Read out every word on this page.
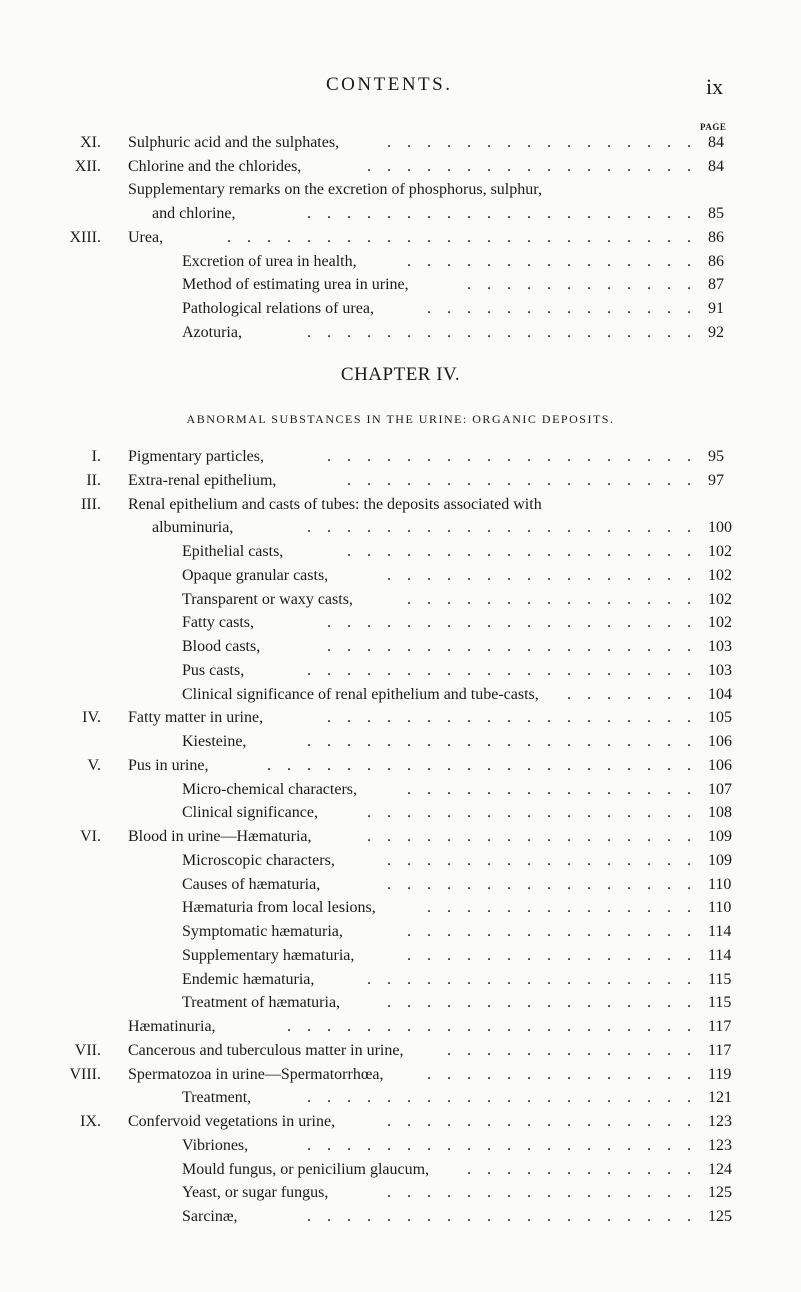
CONTENTS.	ix
PAGE
XI. Sulphuric acid and the sulphates,	.    .    .    .    .    .    .    .    .    .    .    .    .    .    .    . 84
XII. Chlorine and the chlorides,	.    .    .    .    .    .    .    .    .    .    .    .    .    .    .    .    . 84
Supplementary remarks on the excretion of phosphorus, sulphur,
and chlorine,	.    .    .    .    .    .    .    .    .    .    .    .    .    .    .    .    .    .    .    . 85
XIII. Urea,	.    .    .    .    .    .    .    .    .    .    .    .    .    .    .    .    .    .    .    .    .    .    .    . 86
Excretion of urea in health,	.    .    .    .    .    .    .    .    .    .    .    .    .    .    . 86
Method of estimating urea in urine,	.    .    .    .    .    .    .    .    .    .    .    . 87
Pathological relations of urea,	.    .    .    .    .    .    .    .    .    .    .    .    .    . 91
Azoturia,	.    .    .    .    .    .    .    .    .    .    .    .    .    .    .    .    .    .    .    . 92
CHAPTER IV.
ABNORMAL SUBSTANCES IN THE URINE: ORGANIC DEPOSITS.
I. Pigmentary particles,	.    .    .    .    .    .    .    .    .    .    .    .    .    .    .    .    .    .    . 95
II. Extra-renal epithelium,	.    .    .    .    .    .    .    .    .    .    .    .    .    .    .    .    .    . 97
III. Renal epithelium and casts of tubes: the deposits associated with
albuminuria,	.    .    .    .    .    .    .    .    .    .    .    .    .    .    .    .    .    .    .    . 100
Epithelial casts,	.    .    .    .    .    .    .    .    .    .    .    .    .    .    .    .    .    . 102
Opaque granular casts,	.    .    .    .    .    .    .    .    .    .    .    .    .    .    .    . 102
Transparent or waxy casts,	.    .    .    .    .    .    .    .    .    .    .    .    .    .    . 102
Fatty casts,	.    .    .    .    .    .    .    .    .    .    .    .    .    .    .    .    .    .    . 102
Blood casts,	.    .    .    .    .    .    .    .    .    .    .    .    .    .    .    .    .    .    . 103
Pus casts,	.    .    .    .    .    .    .    .    .    .    .    .    .    .    .    .    .    .    .    . 103
Clinical significance of renal epithelium and tube-casts,	.    .    .    .    .    .    . 104
IV. Fatty matter in urine,	.    .    .    .    .    .    .    .    .    .    .    .    .    .    .    .    .    .    . 105
Kiesteine,	.    .    .    .    .    .    .    .    .    .    .    .    .    .    .    .    .    .    .    . 106
V. Pus in urine,	.    .    .    .    .    .    .    .    .    .    .    .    .    .    .    .    .    .    .    .    .    . 106
Micro-chemical characters,	.    .    .    .    .    .    .    .    .    .    .    .    .    .    . 107
Clinical significance,	.    .    .    .    .    .    .    .    .    .    .    .    .    .    .    .    . 108
VI. Blood in urine—Hæmaturia,	.    .    .    .    .    .    .    .    .    .    .    .    .    .    .    .    . 109
Microscopic characters,	.    .    .    .    .    .    .    .    .    .    .    .    .    .    .    . 109
Causes of hæmaturia,	.    .    .    .    .    .    .    .    .    .    .    .    .    .    .    . 110
Hæmaturia from local lesions,	.    .    .    .    .    .    .    .    .    .    .    .    .    . 110
Symptomatic hæmaturia,	.    .    .    .    .    .    .    .    .    .    .    .    .    .    . 114
Supplementary hæmaturia,	.    .    .    .    .    .    .    .    .    .    .    .    .    .    . 114
Endemic hæmaturia,	.    .    .    .    .    .    .    .    .    .    .    .    .    .    .    .    . 115
Treatment of hæmaturia,	.    .    .    .    .    .    .    .    .    .    .    .    .    .    .    . 115
Hæmatinuria,	.    .    .    .    .    .    .    .    .    .    .    .    .    .    .    .    .    .    .    .    . 117
VII. Cancerous and tuberculous matter in urine,	.    .    .    .    .    .    .    .    .    .    .    .    . 117
VIII. Spermatozoa in urine—Spermatorrhœa,	.    .    .    .    .    .    .    .    .    .    .    .    .    . 119
Treatment,	.    .    .    .    .    .    .    .    .    .    .    .    .    .    .    .    .    .    .    . 121
IX. Confervoid vegetations in urine,	.    .    .    .    .    .    .    .    .    .    .    .    .    .    .    . 123
Vibriones,	.    .    .    .    .    .    .    .    .    .    .    .    .    .    .    .    .    .    .    . 123
Mould fungus, or penicilium glaucum,	.    .    .    .    .    .    .    .    .    .    .    . 124
Yeast, or sugar fungus,	.    .    .    .    .    .    .    .    .    .    .    .    .    .    .    . 125
Sarcinæ,	.    .    .    .    .    .    .    .    .    .    .    .    .    .    .    .    .    .    .    . 125
